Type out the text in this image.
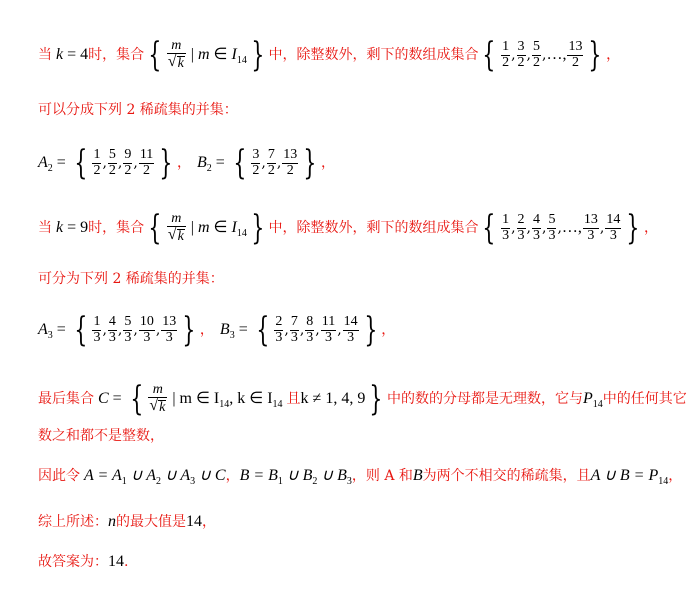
当 k = 4 时，集合 { $\frac{m}{√ k}$ | m ∈ $I_{14}$ } 中，除整数外，剩下的数组成集合 { $\frac{1}{2}$ , $\frac{3}{2}$ , $\frac{5}{2}$ , …, $\frac{13}{2}$ } ，
可以分成下列 2 稀疏集的并集：
$A_2$ = { $\frac{1}{2}$ , $\frac{5}{2}$ , $\frac{9}{2}$ , $\frac{11}{2}$ } ， $B_2$ = { $\frac{3}{2}$ , $\frac{7}{2}$ , $\frac{13}{2}$ } ，
当 k = 9 时，集合 { $\frac{m}{√ k}$ | m ∈ $I_{14}$ } 中，除整数外，剩下的数组成集合 { $\frac{1}{3}$ , $\frac{2}{3}$ , $\frac{4}{3}$ , $\frac{5}{3}$ , …, $\frac{13}{3}$ , $\frac{14}{3}$ } ，
可分为下列 2 稀疏集的并集：
$A_3$ = { $\frac{1}{3}$ , $\frac{4}{3}$ , $\frac{5}{3}$ , $\frac{10}{3}$ , $\frac{13}{3}$ } ， $B_3$ = { $\frac{2}{3}$ , $\frac{7}{3}$ , $\frac{8}{3}$ , $\frac{11}{3}$ , $\frac{14}{3}$ } ，
最后集合 C = { $\frac{m}{√ k}$ | m ∈ $I_{14}$, k ∈ $I_{14}$ 且 k ≠ 1, 4, 9 } 中的数的分母都是无理数，它与 $P_{14}$ 中的任何其它
数之和都不是整数，
因此令 $A = A_1$ ∪ $A_2$ ∪ $A_3$ ∪ C ， $B = B_1$ ∪ $B_2$ ∪ $B_3$ ，则 A 和 B 为两个不相交的稀疏集，且 A ∪ $B = P_{14}$ ，
综上所述： n 的最大值是 14 ，
故答案为： 14 .
